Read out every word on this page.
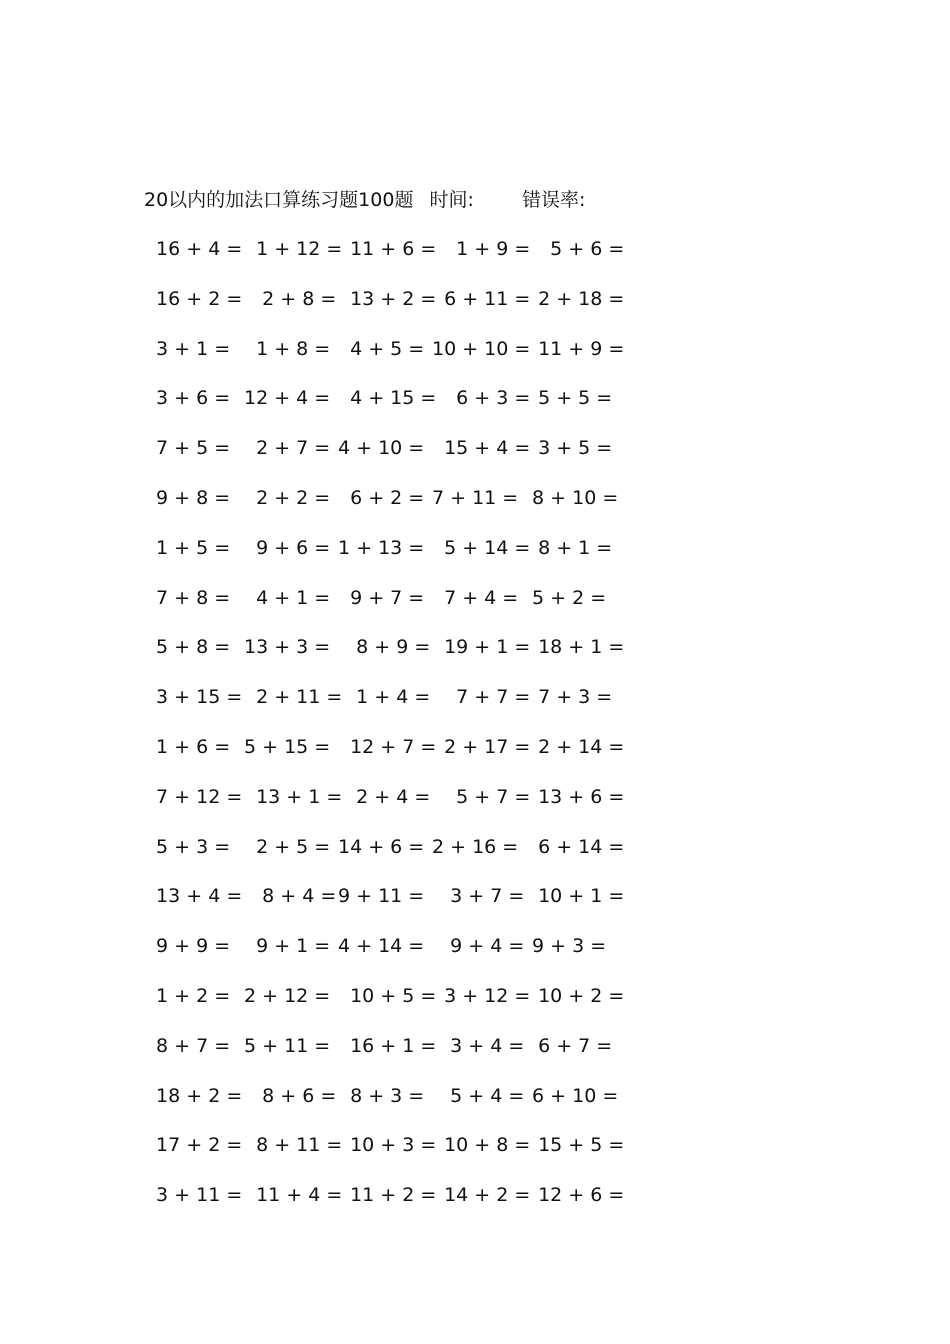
20以内的加法口算练习题100题 时间:	错误率:
16 + 4 = 1 + 12 =
11 + 6 =
1 + 9 =
5 + 6 =
16 + 2 = 2 + 8 = 13 + 2 =
6 + 11 =
2 + 18 =
3 + 1 = 1 + 8 = 4 + 5 = 10 + 10 =
11 + 9 =
3 + 6 = 12 + 4 = 4 + 15 =
6 + 3 =
5 + 5 =
7 + 5 = 2 + 7 = 4 + 10 = 15 + 4 =
3 + 5 =
9 + 8 = 2 + 2 = 6 + 2 = 7 + 11 = 8 + 10 =
1 + 5 = 9 + 6 = 1 + 13 = 5 + 14 =
8 + 1 =
7 + 8 = 4 + 1 = 9 + 7 = 7 + 4 = 5 + 2 =
5 + 8 = 13 + 3 = 8 + 9 = 19 + 1 =
18 + 1 =
3 + 15 = 2 + 11 =
1 + 4 = 7 + 7 =
7 + 3 =
1 + 6 = 5 + 15 = 12 + 7 =
2 + 17 =
2 + 14 =
7 + 12 = 13 + 1 =
2 + 4 = 5 + 7 =
13 + 6 =
5 + 3 = 2 + 5 = 14 + 6 = 2 + 16 = 6 + 14 =
13 + 4 = 8 + 4 = 9 + 11 = 3 + 7 = 10 + 1 =
9 + 9 = 9 + 1 = 4 + 14 = 9 + 4 = 9 + 3 =
1 + 2 = 2 + 12 = 10 + 5 =
3 + 12 =
10 + 2 =
8 + 7 = 5 + 11 = 16 + 1 =
3 + 4 = 6 + 7 =
18 + 2 = 8 + 6 = 8 + 3 = 5 + 4 = 6 + 10 =
17 + 2 = 8 + 11 =
10 + 3 =
10 + 8 =
15 + 5 =
3 + 11 = 11 + 4 =
11 + 2 =
14 + 2 =
12 + 6 =
